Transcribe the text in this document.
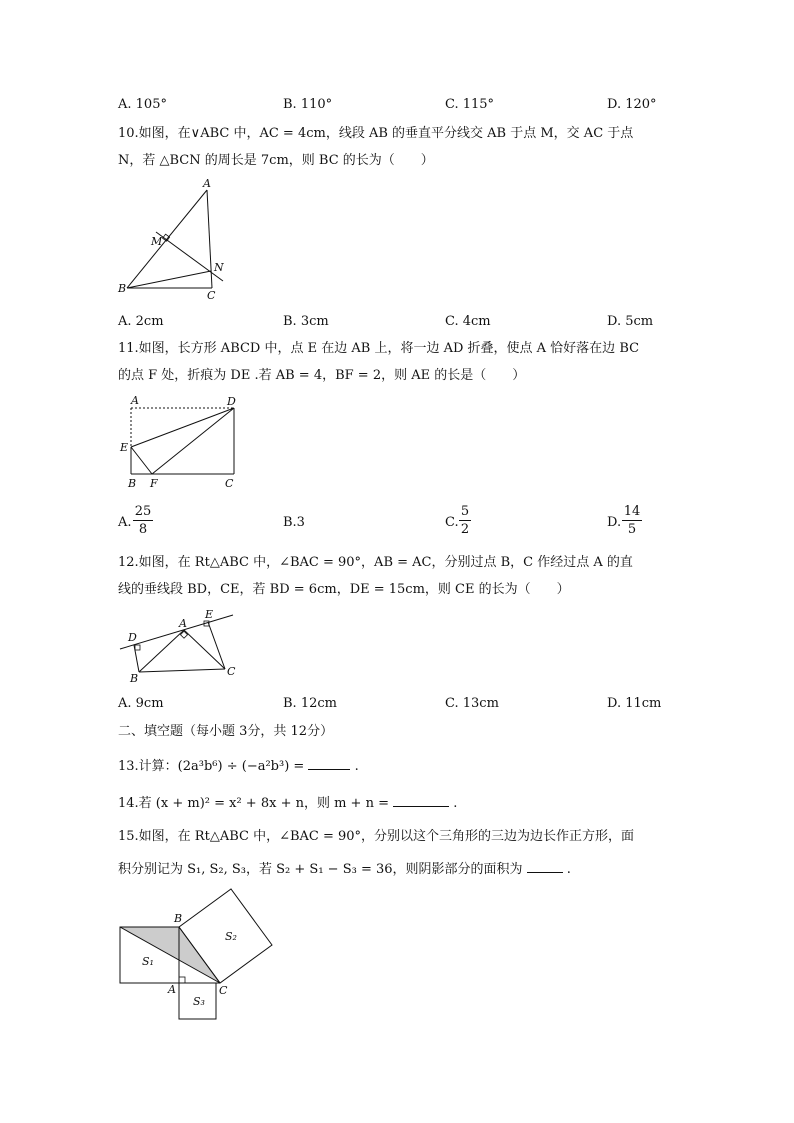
A. 105°	B. 110°	C. 115°	D. 120°
10.如图，在∨ABC 中，AC = 4cm，线段 AB 的垂直平分线交 AB 于点 M，交 AC 于点
N，若 △BCN 的周长是 7cm，则 BC 的长为（　　）
A
M
N
B
C
A. 2cm	B. 3cm	C. 4cm	D. 5cm
11.如图，长方形 ABCD 中，点 E 在边 AB 上，将一边 AD 折叠，使点 A 恰好落在边 BC
的点 F 处，折痕为 DE .若 AB = 4，BF = 2，则 AE 的长是（　　）
A	D
E
B F	C
A.
25
8	B.3	C.
5
2	D.
14
5
12.如图，在 Rt△ABC 中，∠BAC = 90°，AB = AC，分别过点 B，C 作经过点 A 的直
线的垂线段 BD，CE，若 BD = 6cm，DE = 15cm，则 CE 的长为（　　）
D
A
E
B
C
A. 9cm	B. 12cm	C. 13cm	D. 11cm
二、填空题（每小题 3分，共 12分）
13.计算：(2a³b⁶) ÷ (−a²b³) =	.
14.若 (x + m)² = x² + 8x + n，则 m + n =	.
15.如图，在 Rt△ABC 中，∠BAC = 90°，分别以这个三角形的三边为边长作正方形，面
积分别记为 S₁, S₂, S₃，若 S₂ + S₁ − S₃ = 36，则阴影部分的面积为	.
B
A	C
S₁
S₂
S₃
